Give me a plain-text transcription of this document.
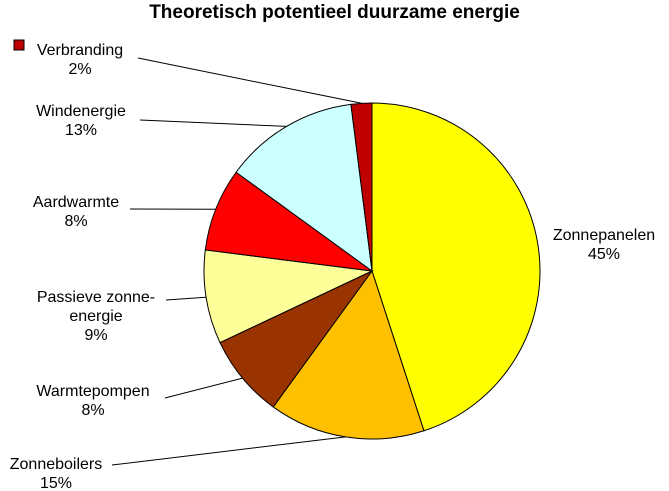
Theoretisch potentieel duurzame energie
Zonnepanelen
45%
Zonneboilers
15%
Warmtepompen
8%
Passieve zonne-
energie
9%
Aardwarmte
8%
Windenergie
13%
Verbranding
2%
